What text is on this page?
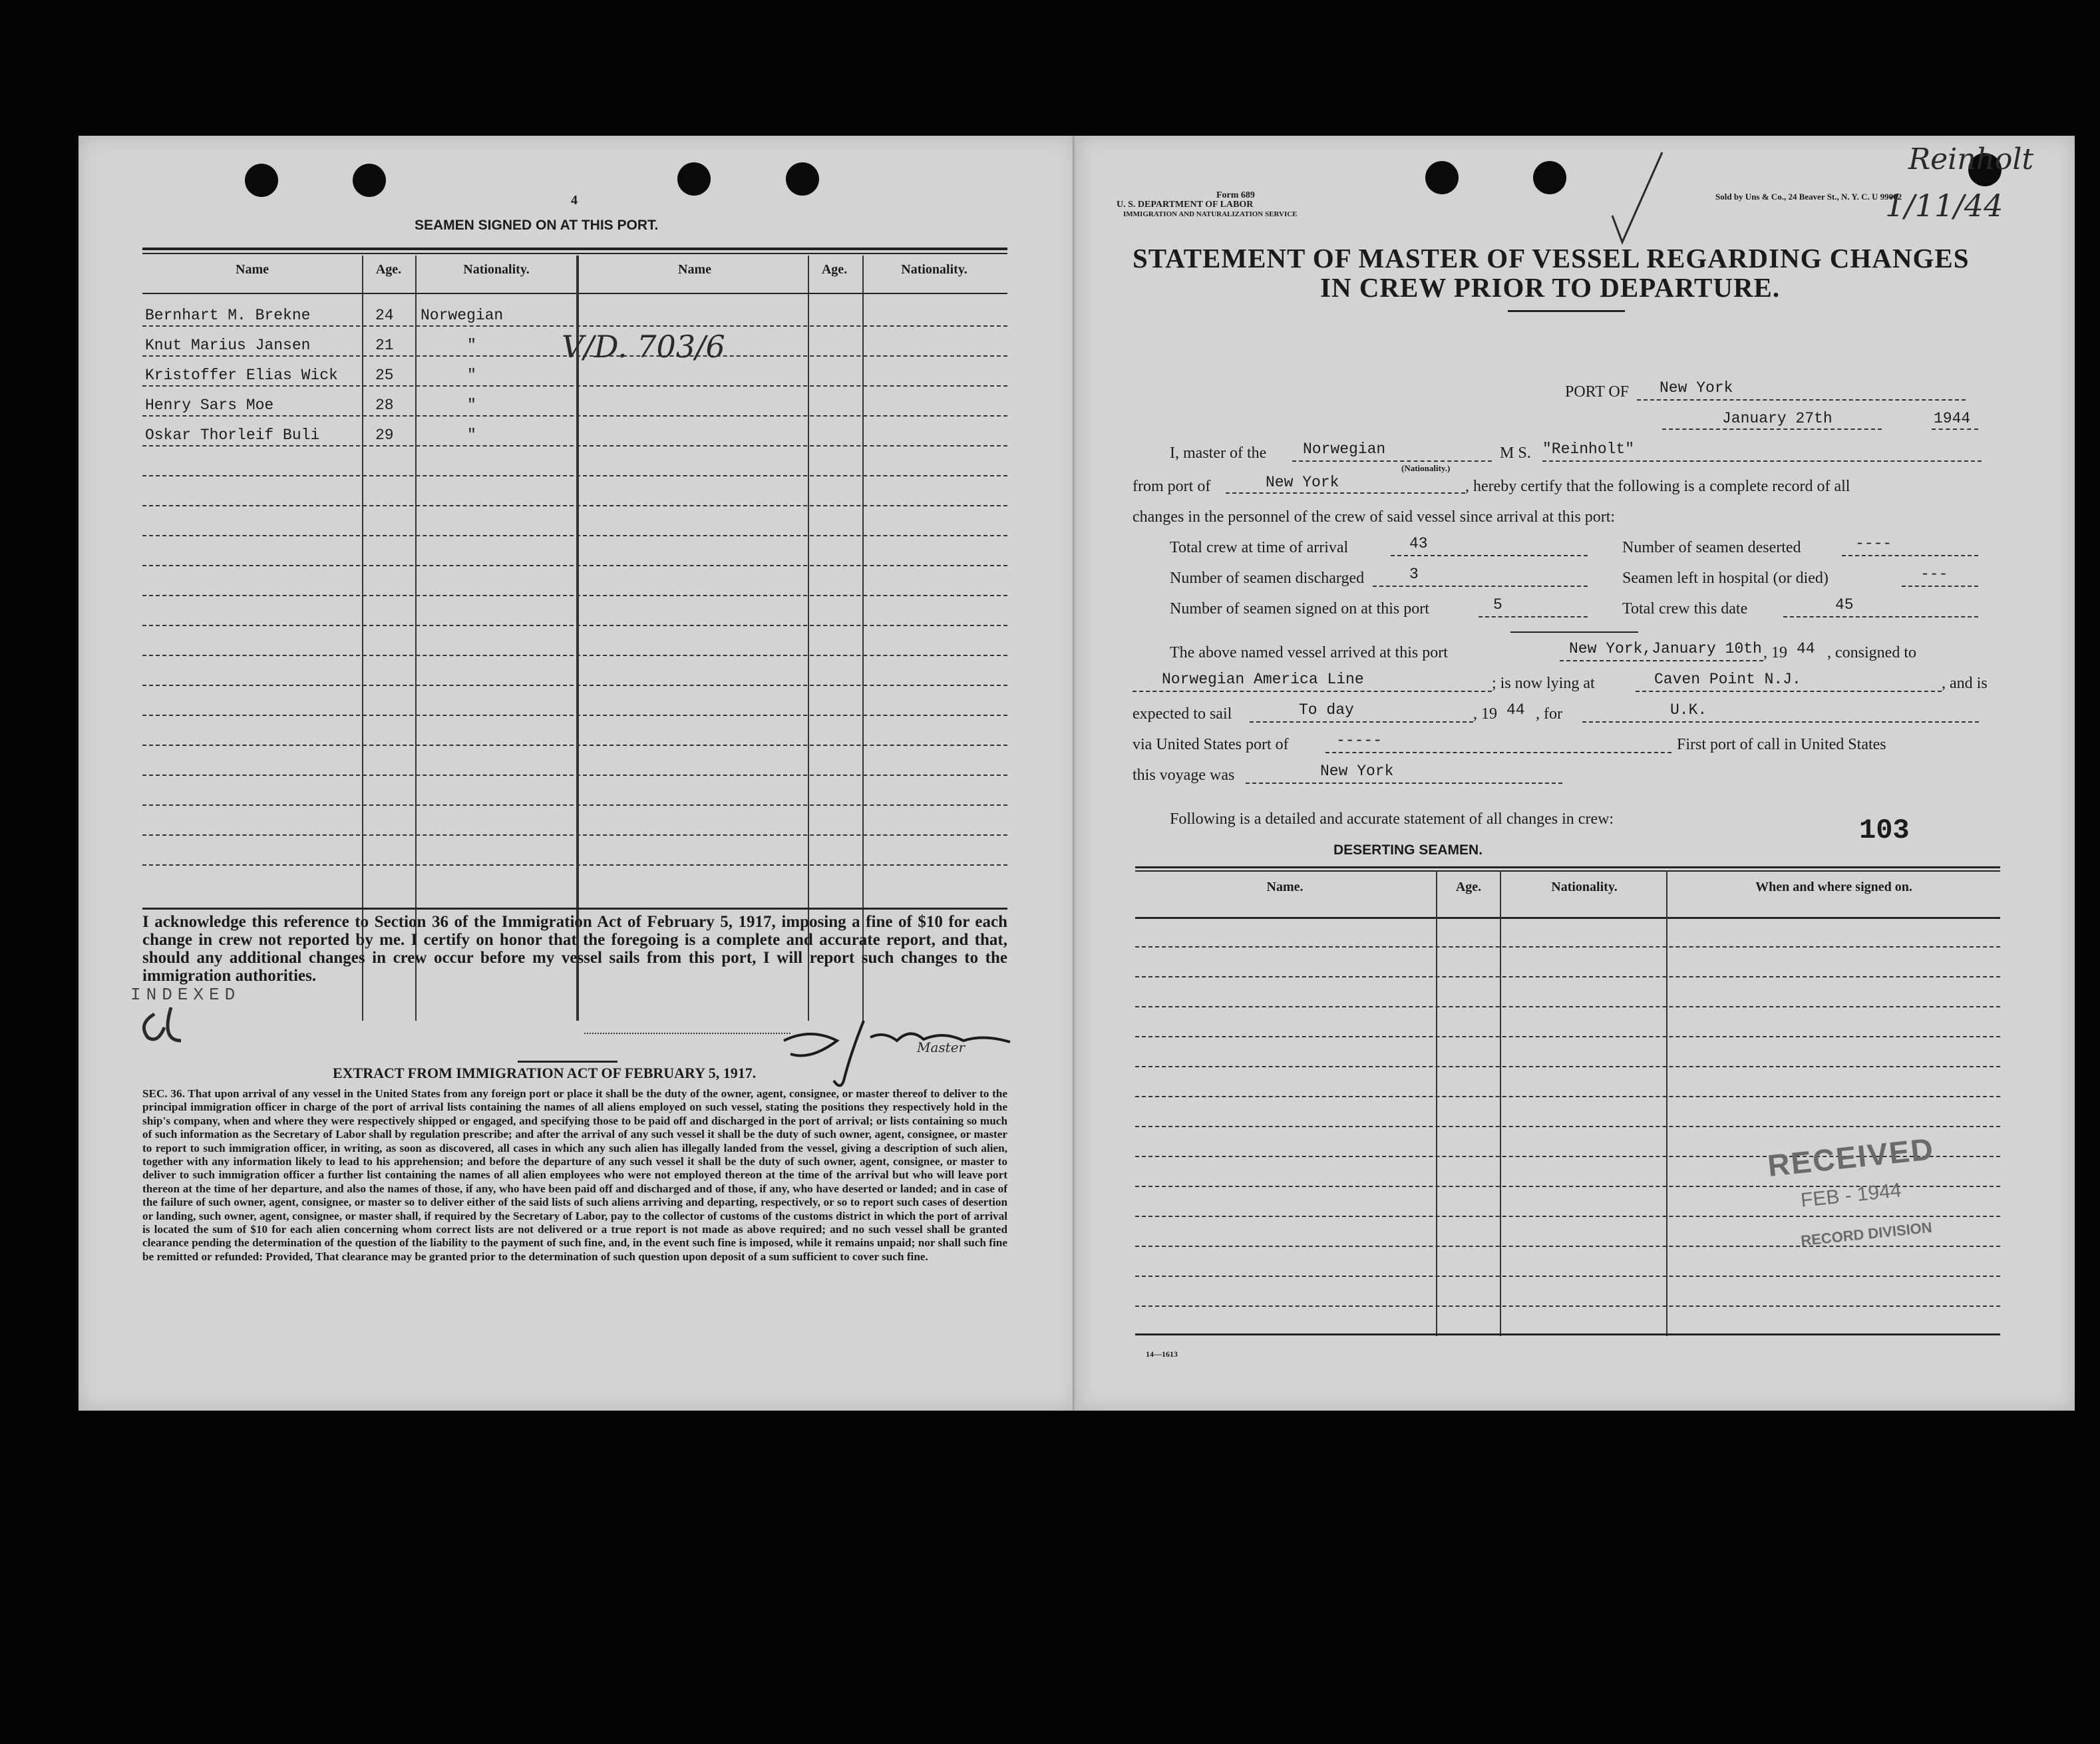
4
SEAMEN SIGNED ON AT THIS PORT.
Name	Age.	Nationality.	Name	Age.	Nationality.
Bernhart M. Brekne	24 Norwegian
Knut Marius Jansen	21	"
Kristoffer Elias Wick 25	"
Henry Sars Moe	28	"
Oskar Thorleif Buli	29	"
V/D. 703/6
I acknowledge this reference to Section 36 of the Immigration Act of February 5, 1917, imposing a fine of $10 for each change in crew not reported by me. I certify on honor that the foregoing is a complete and accurate report, and that, should any additional changes in crew occur before my vessel sails from this port, I will report such changes to the immigration authorities.
INDEXED
Master
EXTRACT FROM IMMIGRATION ACT OF FEBRUARY 5, 1917.
SEC. 36. That upon arrival of any vessel in the United States from any foreign port or place it shall be the duty of the owner, agent, consignee, or master thereof to deliver to the principal immigration officer in charge of the port of arrival lists containing the names of all aliens employed on such vessel, stating the positions they respectively hold in the ship's company, when and where they were respectively shipped or engaged, and specifying those to be paid off and discharged in the port of arrival; or lists containing so much of such information as the Secretary of Labor shall by regulation prescribe; and after the arrival of any such vessel it shall be the duty of such owner, agent, consignee, or master to report to such immigration officer, in writing, as soon as discovered, all cases in which any such alien has illegally landed from the vessel, giving a description of such alien, together with any information likely to lead to his apprehension; and before the departure of any such vessel it shall be the duty of such owner, agent, consignee, or master to deliver to such immigration officer a further list containing the names of all alien employees who were not employed thereon at the time of the arrival but who will leave port thereon at the time of her departure, and also the names of those, if any, who have been paid off and discharged and of those, if any, who have deserted or landed; and in case of the failure of such owner, agent, consignee, or master so to deliver either of the said lists of such aliens arriving and departing, respectively, or so to report such cases of desertion or landing, such owner, agent, consignee, or master shall, if required by the Secretary of Labor, pay to the collector of customs of the customs district in which the port of arrival is located the sum of $10 for each alien concerning whom correct lists are not delivered or a true report is not made as above required; and no such vessel shall be granted clearance pending the determination of the question of the liability to the payment of such fine, and, in the event such fine is imposed, while it remains unpaid; nor shall such fine be remitted or refunded: Provided, That clearance may be granted prior to the determination of such question upon deposit of a sum sufficient to cover such fine.
Form 689
U. S. DEPARTMENT OF LABOR
IMMIGRATION AND NATURALIZATION SERVICE
Sold by Uns & Co., 24 Beaver St., N. Y. C. U 99062
Reinholt
1/11/44
STATEMENT OF MASTER OF VESSEL REGARDING CHANGES
IN CREW PRIOR TO DEPARTURE.
PORT OF New York
January 27th	1944
I, master of the Norwegian
(Nationality.)
M S. "Reinholt"
from port of	New York	, hereby certify that the following is a complete record of all
changes in the personnel of the crew of said vessel since arrival at this port:
Total crew at time of arrival	43	Number of seamen deserted	----
Number of seamen discharged	3	Seamen left in hospital (or died)	---
Number of seamen signed on at this port	5	Total crew this date	45
The above named vessel arrived at this port	New York,January 10th , 19 44 , consigned to
Norwegian America Line	; is now lying at	Caven Point N.J.	, and is
expected to sail	To day	, 19 44 , for	U.K.
via United States port of	-----	First port of call in United States
this voyage was	New York
Following is a detailed and accurate statement of all changes in crew:
DESERTING SEAMEN.
103
Name.	Age.	Nationality.	When and where signed on.
RECEIVED
FEB - 1944
RECORD DIVISION
14—1613
